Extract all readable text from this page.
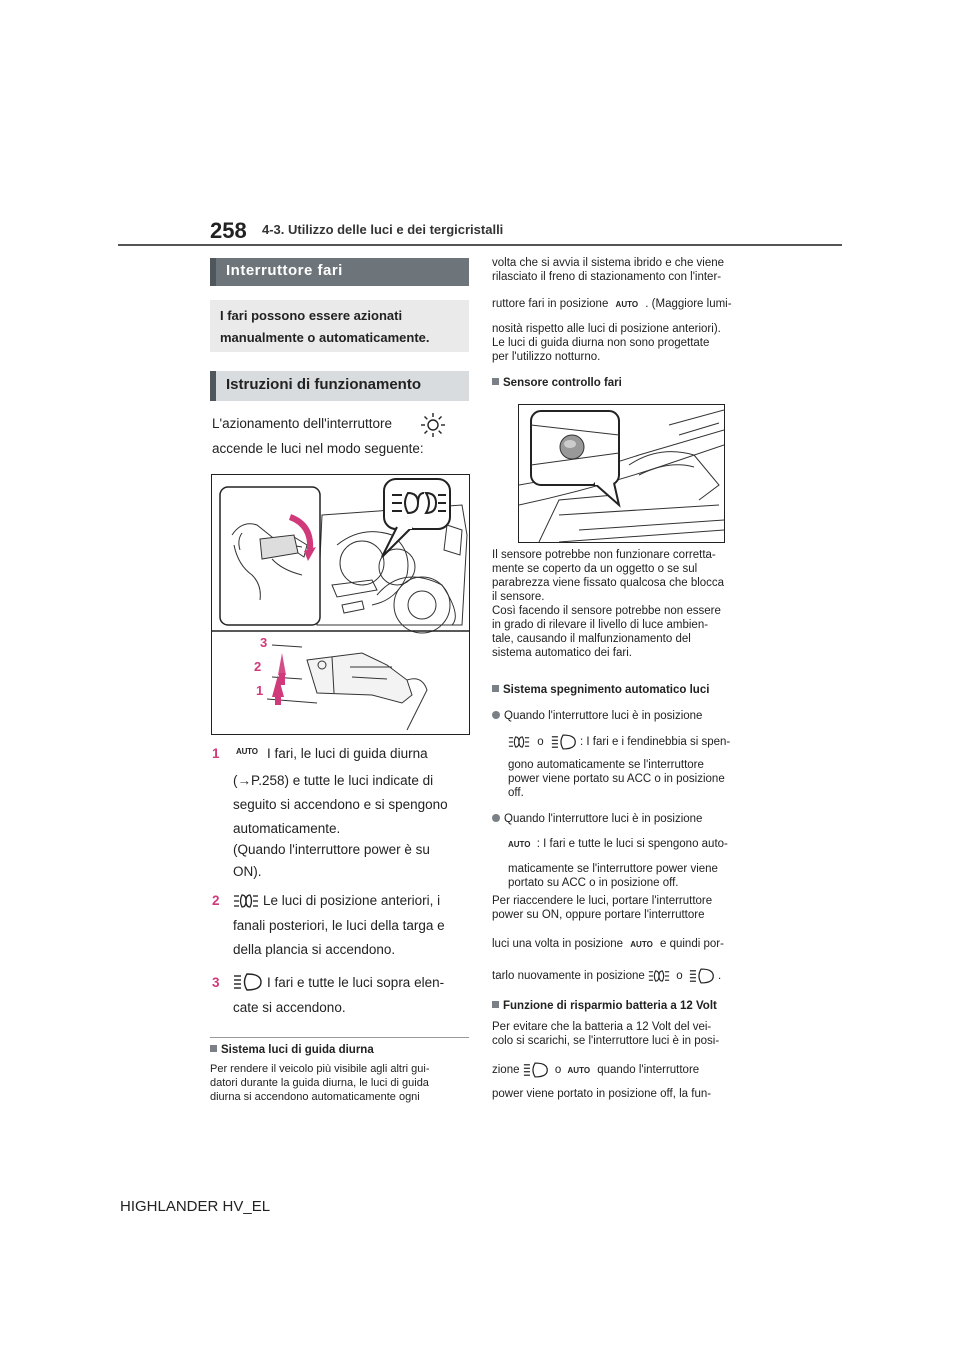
258 4-3. Utilizzo delle luci e dei tergicristalli
Interruttore fari
I fari possono essere azionati
manualmente o automaticamente.
Istruzioni di funzionamento
L'azionamento dell'interruttore
accende le luci nel modo seguente:
3
2
1
1 AUTO I fari, le luci di guida diurna
(→P.258) e tutte le luci indicate di
seguito si accendono e si spengono
automaticamente.
(Quando l'interruttore power è su
ON).
2	Le luci di posizione anteriori, i
fanali posteriori, le luci della targa e
della plancia si accendono.
3	I fari e tutte le luci sopra elen-
cate si accendono.
Sistema luci di guida diurna
Per rendere il veicolo più visibile agli altri gui-
datori durante la guida diurna, le luci di guida
diurna si accendono automaticamente ogni
volta che si avvia il sistema ibrido e che viene
rilasciato il freno di stazionamento con l'inter-
ruttore fari in posizione AUTO . (Maggiore lumi-
nosità rispetto alle luci di posizione anteriori).
Le luci di guida diurna non sono progettate
per l'utilizzo notturno.
Sensore controllo fari
Il sensore potrebbe non funzionare corretta-
mente se coperto da un oggetto o se sul
parabrezza viene fissato qualcosa che blocca
il sensore.
Così facendo il sensore potrebbe non essere
in grado di rilevare il livello di luce ambien-
tale, causando il malfunzionamento del
sistema automatico dei fari.
Sistema spegnimento automatico luci
Quando l'interruttore luci è in posizione
o	: I fari e i fendinebbia si spen-
gono automaticamente se l'interruttore
power viene portato su ACC o in posizione
off.
Quando l'interruttore luci è in posizione
AUTO : I fari e tutte le luci si spengono auto-
maticamente se l'interruttore power viene
portato su ACC o in posizione off.
Per riaccendere le luci, portare l'interruttore
power su ON, oppure portare l'interruttore
luci una volta in posizione AUTO e quindi por-
tarlo nuovamente in posizione	o	.
Funzione di risparmio batteria a 12 Volt
Per evitare che la batteria a 12 Volt del vei-
colo si scarichi, se l'interruttore luci è in posi-
zione	o AUTO quando l'interruttore
power viene portato in posizione off, la fun-
HIGHLANDER HV_EL
